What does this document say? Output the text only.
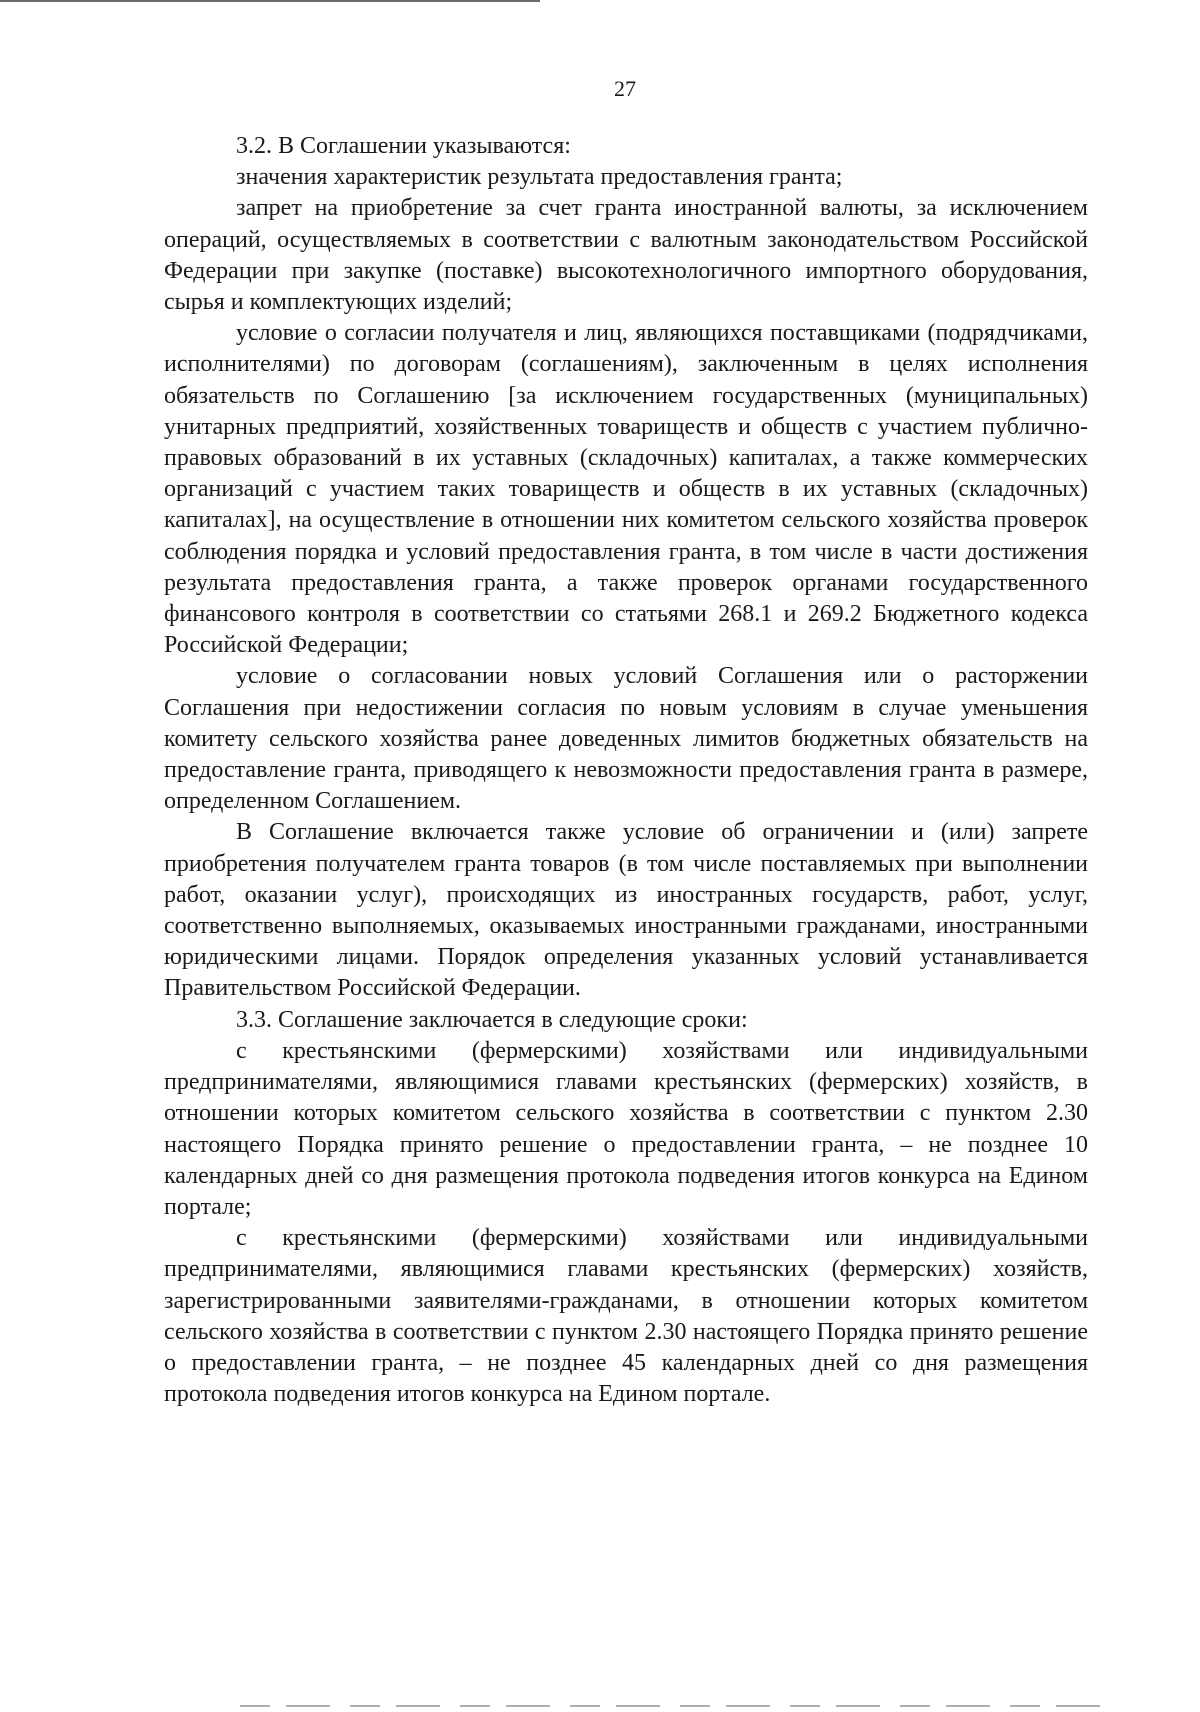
27

3.2. В Соглашении указываются:

значения характеристик результата предоставления гранта;

запрет на приобретение за счет гранта иностранной валюты, за исключением операций, осуществляемых в соответствии с валютным законодательством Российской Федерации при закупке (поставке) высокотехнологичного импортного оборудования, сырья и комплектующих изделий;

условие о согласии получателя и лиц, являющихся поставщиками (подрядчиками, исполнителями) по договорам (соглашениям), заключенным в целях исполнения обязательств по Соглашению [за исключением государственных (муниципальных) унитарных предприятий, хозяйственных товариществ и обществ с участием публично-правовых образований в их уставных (складочных) капиталах, а также коммерческих организаций с участием таких товариществ и обществ в их уставных (складочных) капиталах], на осуществление в отношении них комитетом сельского хозяйства проверок соблюдения порядка и условий предоставления гранта, в том числе в части достижения результата предоставления гранта, а также проверок органами государственного финансового контроля в соответствии со статьями 268.1 и 269.2 Бюджетного кодекса Российской Федерации;

условие о согласовании новых условий Соглашения или о расторжении Соглашения при недостижении согласия по новым условиям в случае уменьшения комитету сельского хозяйства ранее доведенных лимитов бюджетных обязательств на предоставление гранта, приводящего к невозможности предоставления гранта в размере, определенном Соглашением.

В Соглашение включается также условие об ограничении и (или) запрете приобретения получателем гранта товаров (в том числе поставляемых при выполнении работ, оказании услуг), происходящих из иностранных государств, работ, услуг, соответственно выполняемых, оказываемых иностранными гражданами, иностранными юридическими лицами. Порядок определения указанных условий устанавливается Правительством Российской Федерации.

3.3. Соглашение заключается в следующие сроки:

с крестьянскими (фермерскими) хозяйствами или индивидуальными предпринимателями, являющимися главами крестьянских (фермерских) хозяйств, в отношении которых комитетом сельского хозяйства в соответствии с пунктом 2.30 настоящего Порядка принято решение о предоставлении гранта, – не позднее 10 календарных дней со дня размещения протокола подведения итогов конкурса на Едином портале;

с крестьянскими (фермерскими) хозяйствами или индивидуальными предпринимателями, являющимися главами крестьянских (фермерских) хозяйств, зарегистрированными заявителями-гражданами, в отношении которых комитетом сельского хозяйства в соответствии с пунктом 2.30 настоящего Порядка принято решение о предоставлении гранта, – не позднее 45 календарных дней со дня размещения протокола подведения итогов конкурса на Едином портале.
